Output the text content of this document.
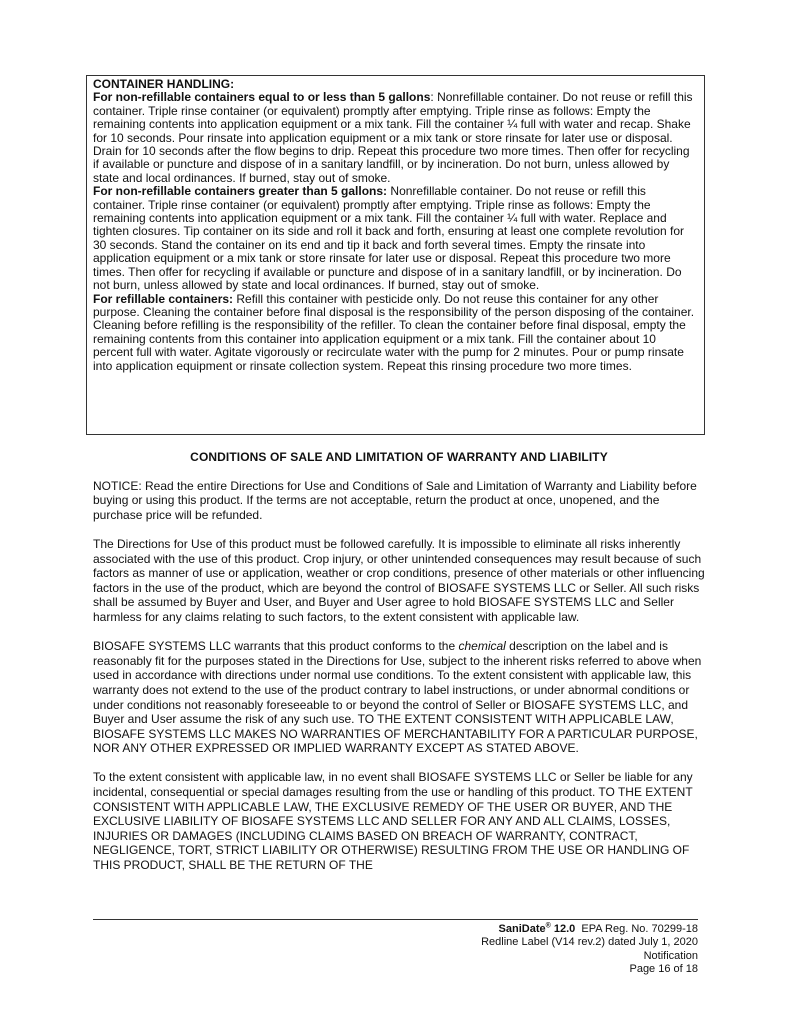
CONTAINER HANDLING:

For non-refillable containers equal to or less than 5 gallons: Nonrefillable container. Do not reuse or refill this container. Triple rinse container (or equivalent) promptly after emptying. Triple rinse as follows: Empty the remaining contents into application equipment or a mix tank. Fill the container ¼ full with water and recap. Shake for 10 seconds. Pour rinsate into application equipment or a mix tank or store rinsate for later use or disposal. Drain for 10 seconds after the flow begins to drip. Repeat this procedure two more times. Then offer for recycling if available or puncture and dispose of in a sanitary landfill, or by incineration. Do not burn, unless allowed by state and local ordinances. If burned, stay out of smoke.

For non-refillable containers greater than 5 gallons: Nonrefillable container. Do not reuse or refill this container. Triple rinse container (or equivalent) promptly after emptying. Triple rinse as follows: Empty the remaining contents into application equipment or a mix tank. Fill the container ¼ full with water. Replace and tighten closures. Tip container on its side and roll it back and forth, ensuring at least one complete revolution for 30 seconds. Stand the container on its end and tip it back and forth several times. Empty the rinsate into application equipment or a mix tank or store rinsate for later use or disposal. Repeat this procedure two more times. Then offer for recycling if available or puncture and dispose of in a sanitary landfill, or by incineration. Do not burn, unless allowed by state and local ordinances. If burned, stay out of smoke.

For refillable containers: Refill this container with pesticide only. Do not reuse this container for any other purpose. Cleaning the container before final disposal is the responsibility of the person disposing of the container. Cleaning before refilling is the responsibility of the refiller. To clean the container before final disposal, empty the remaining contents from this container into application equipment or a mix tank. Fill the container about 10 percent full with water. Agitate vigorously or recirculate water with the pump for 2 minutes. Pour or pump rinsate into application equipment or rinsate collection system. Repeat this rinsing procedure two more times.

CONDITIONS OF SALE AND LIMITATION OF WARRANTY AND LIABILITY

NOTICE: Read the entire Directions for Use and Conditions of Sale and Limitation of Warranty and Liability before buying or using this product. If the terms are not acceptable, return the product at once, unopened, and the purchase price will be refunded.

The Directions for Use of this product must be followed carefully. It is impossible to eliminate all risks inherently associated with the use of this product. Crop injury, or other unintended consequences may result because of such factors as manner of use or application, weather or crop conditions, presence of other materials or other influencing factors in the use of the product, which are beyond the control of BIOSAFE SYSTEMS LLC or Seller. All such risks shall be assumed by Buyer and User, and Buyer and User agree to hold BIOSAFE SYSTEMS LLC and Seller harmless for any claims relating to such factors, to the extent consistent with applicable law.

BIOSAFE SYSTEMS LLC warrants that this product conforms to the chemical description on the label and is reasonably fit for the purposes stated in the Directions for Use, subject to the inherent risks referred to above when used in accordance with directions under normal use conditions. To the extent consistent with applicable law, this warranty does not extend to the use of the product contrary to label instructions, or under abnormal conditions or under conditions not reasonably foreseeable to or beyond the control of Seller or BIOSAFE SYSTEMS LLC, and Buyer and User assume the risk of any such use. TO THE EXTENT CONSISTENT WITH APPLICABLE LAW, BIOSAFE SYSTEMS LLC MAKES NO WARRANTIES OF MERCHANTABILITY FOR A PARTICULAR PURPOSE, NOR ANY OTHER EXPRESSED OR IMPLIED WARRANTY EXCEPT AS STATED ABOVE.

To the extent consistent with applicable law, in no event shall BIOSAFE SYSTEMS LLC or Seller be liable for any incidental, consequential or special damages resulting from the use or handling of this product. TO THE EXTENT CONSISTENT WITH APPLICABLE LAW, THE EXCLUSIVE REMEDY OF THE USER OR BUYER, AND THE EXCLUSIVE LIABILITY OF BIOSAFE SYSTEMS LLC AND SELLER FOR ANY AND ALL CLAIMS, LOSSES, INJURIES OR DAMAGES (INCLUDING CLAIMS BASED ON BREACH OF WARRANTY, CONTRACT, NEGLIGENCE, TORT, STRICT LIABILITY OR OTHERWISE) RESULTING FROM THE USE OR HANDLING OF THIS PRODUCT, SHALL BE THE RETURN OF THE

SaniDate® 12.0 EPA Reg. No. 70299-18
Redline Label (V14 rev.2) dated July 1, 2020
Notification
Page 16 of 18
